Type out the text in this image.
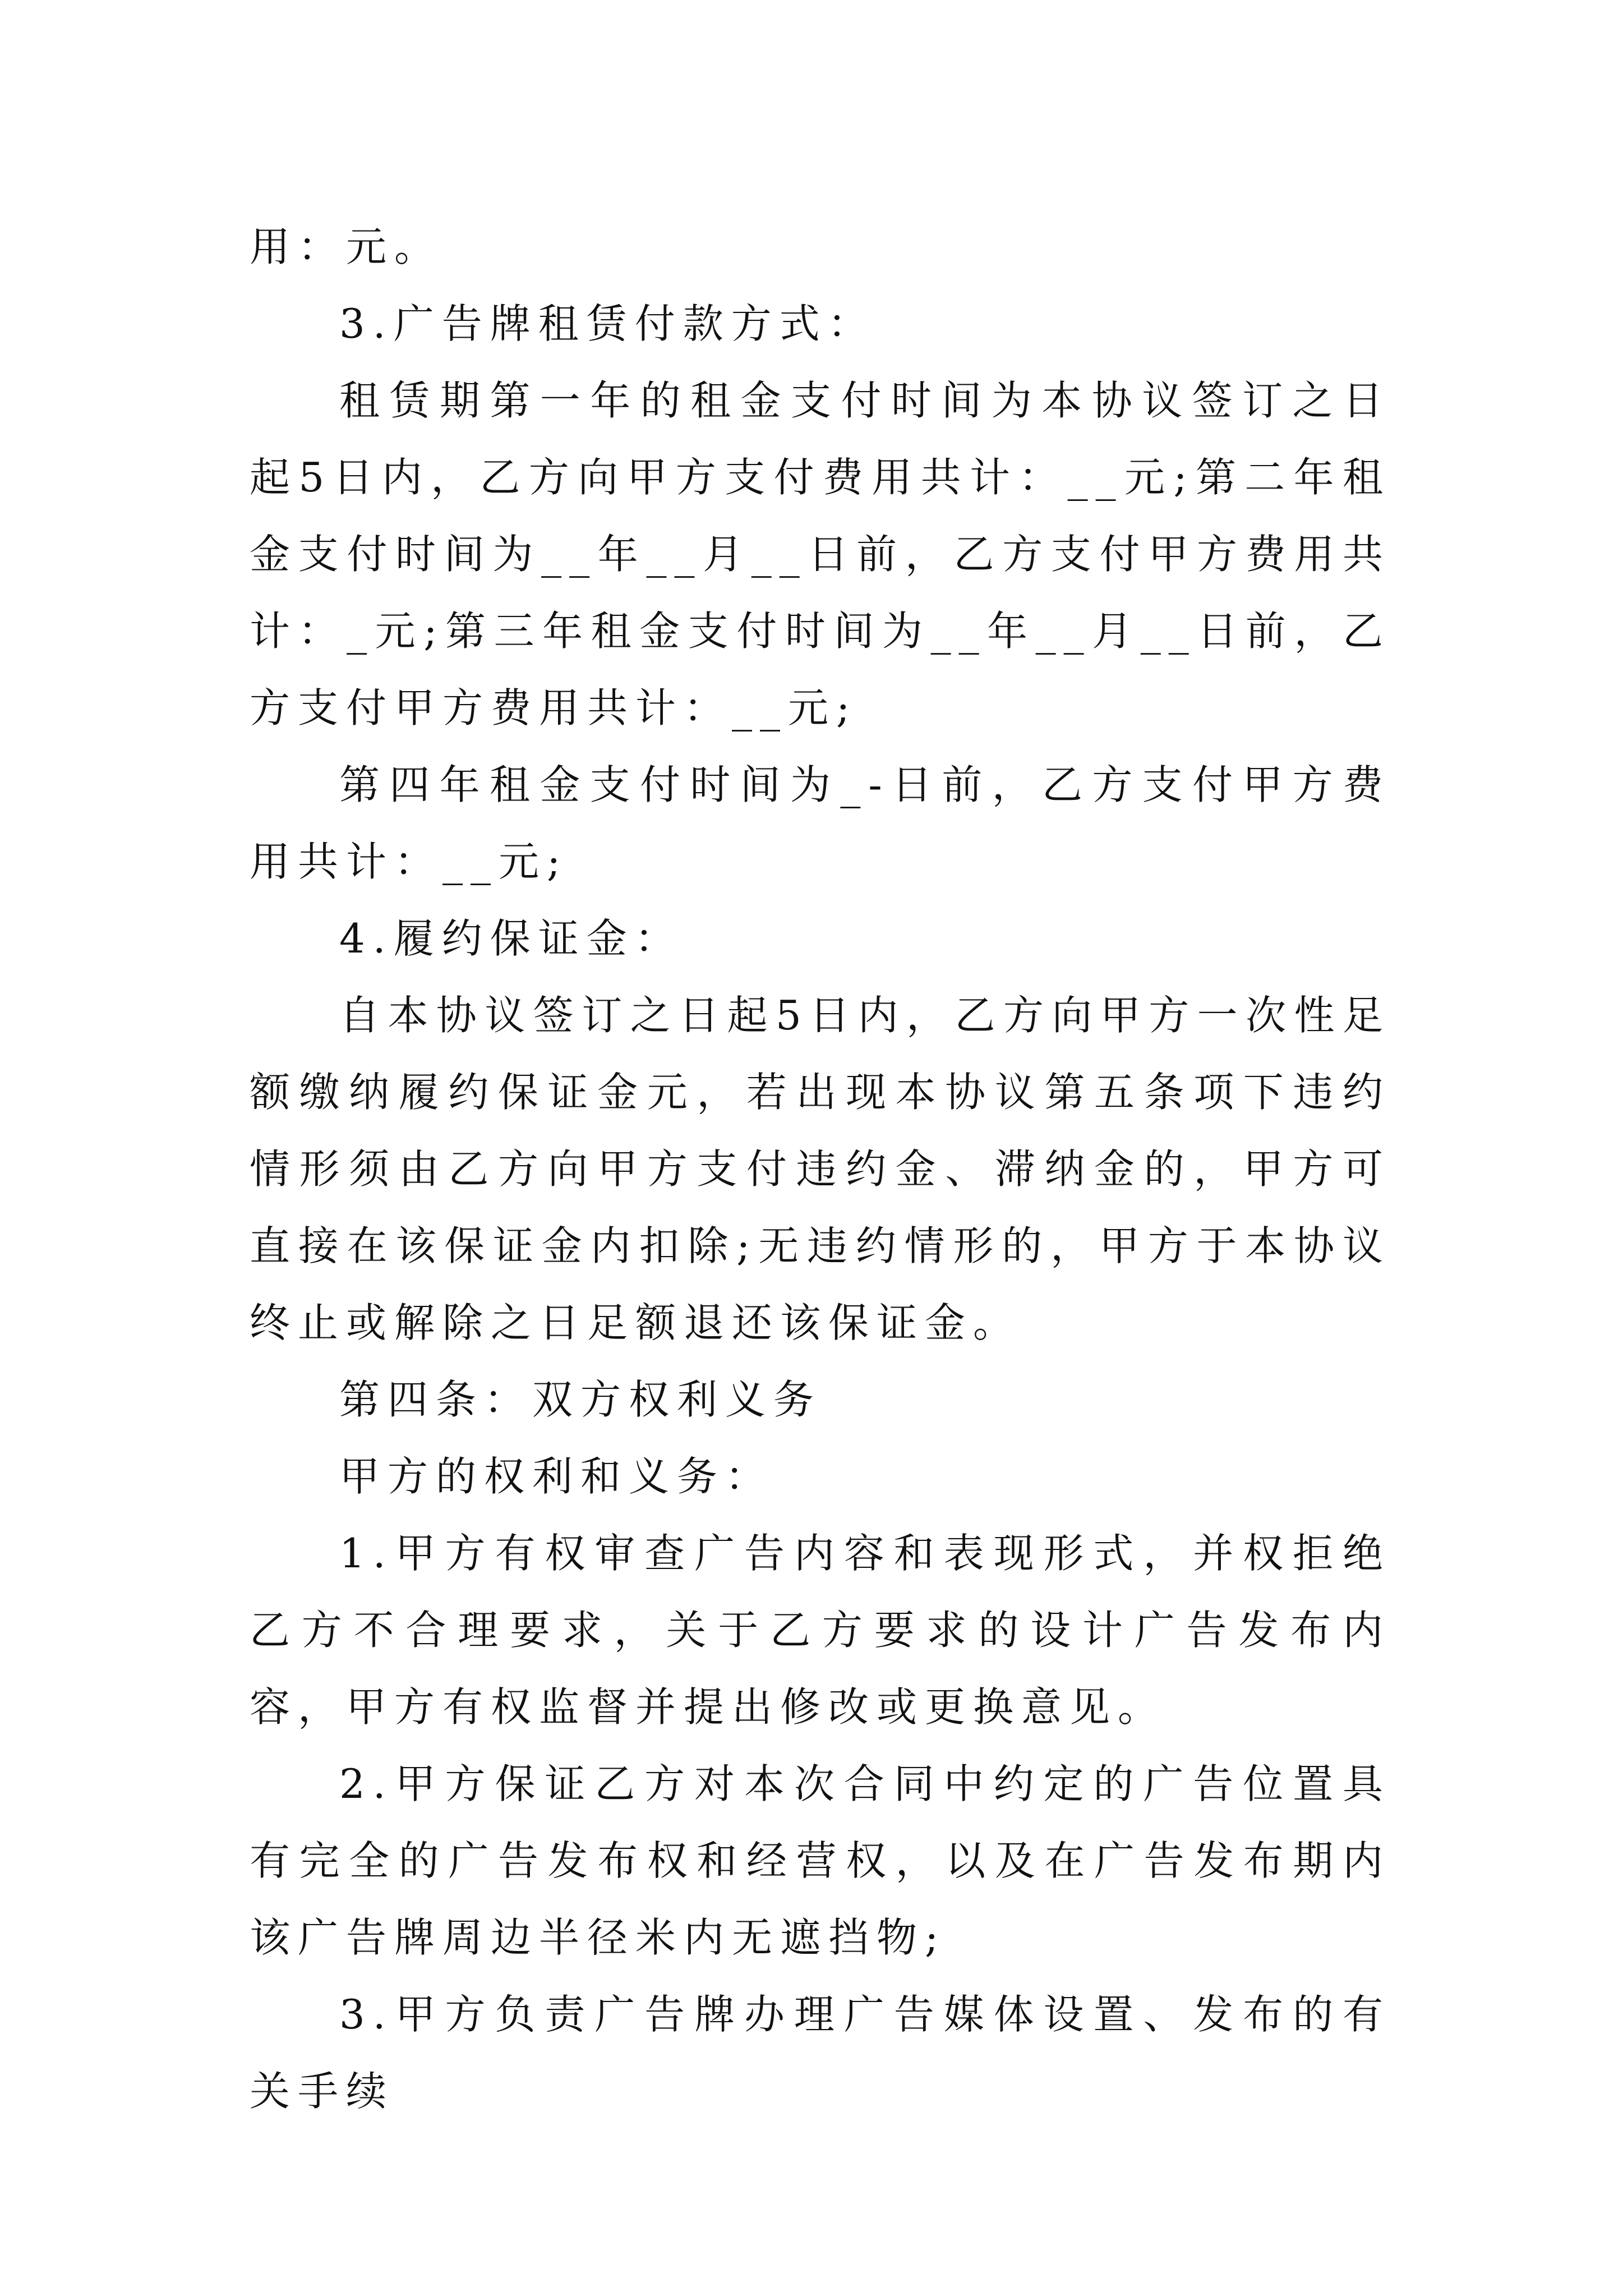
用：元。

3.广告牌租赁付款方式：

租赁期第一年的租金支付时间为本协议签订之日起5日内，乙方向甲方支付费用共计：__元;第二年租金支付时间为__年__月__日前，乙方支付甲方费用共计：_元;第三年租金支付时间为__年__月__日前，乙方支付甲方费用共计：__元;

第四年租金支付时间为_-日前，乙方支付甲方费用共计：__元;

4.履约保证金：

自本协议签订之日起5日内，乙方向甲方一次性足额缴纳履约保证金元，若出现本协议第五条项下违约情形须由乙方向甲方支付违约金、滞纳金的，甲方可直接在该保证金内扣除;无违约情形的，甲方于本协议终止或解除之日足额退还该保证金。

第四条：双方权利义务

甲方的权利和义务：

1.甲方有权审查广告内容和表现形式，并权拒绝乙方不合理要求，关于乙方要求的设计广告发布内容，甲方有权监督并提出修改或更换意见。

2.甲方保证乙方对本次合同中约定的广告位置具有完全的广告发布权和经营权，以及在广告发布期内该广告牌周边半径米内无遮挡物;

3.甲方负责广告牌办理广告媒体设置、发布的有关手续
